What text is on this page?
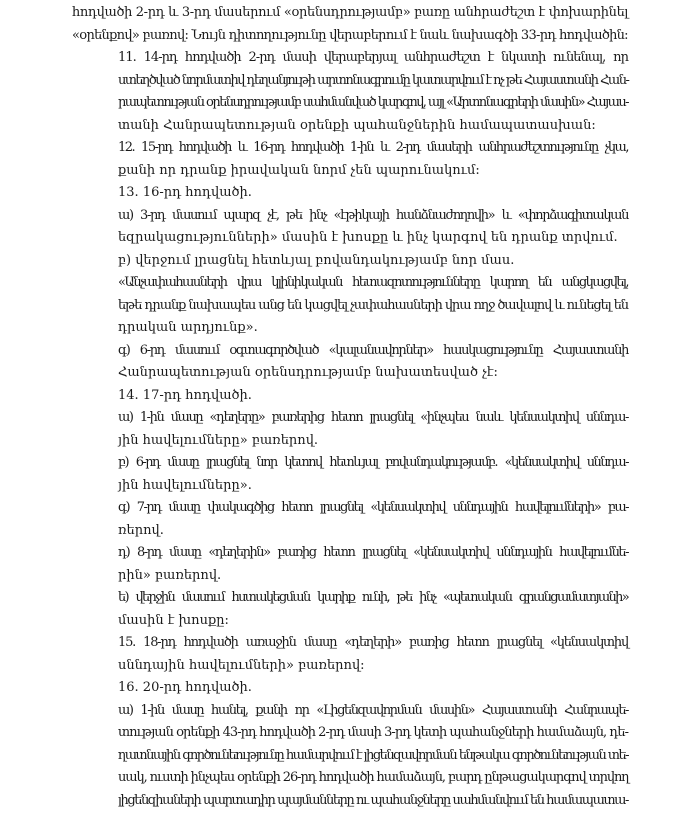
հոդվածի 2-րդ և 3-րդ մասերում «օրենսդրությամբ» բառը անհրաժեշտ է փոխարինել
«օրենքով» բառով: Նույն դիտողությունը վերաբերում է նաև նախագծի 33-րդ հոդվածին:
11. 14-րդ հոդվածի 2-րդ մասի վերաբերյալ անհրաժեշտ է նկատի ունենալ, որ
ստեղծված նորմատիվ դեղանյութի արտոնագրումը կատարվում է ոչ թե Հայաստանի Հան-
րապետության օրենսդրությամբ սահմանված կարգով, այլ «Արտոնագրերի մասին» Հայաս-
տանի Հանրապետության օրենքի պահանջներին համապատասխան:
12. 15-րդ հոդվածի և 16-րդ հոդվածի 1-ին և 2-րդ մասերի անհրաժեշտությունը չկա,
քանի որ դրանք իրավական նորմ չեն պարունակում:
13. 16-րդ հոդվածի.
ա) 3-րդ մասում պարզ չէ, թե ինչ «էթիկայի հանձնաժողովի» և «փորձագիտական
եզրակացությունների» մասին է խոսքը և ինչ կարգով են դրանք տրվում.
բ) վերջում լրացնել հետևյալ բովանդակությամբ նոր մաս.
«Անչափահասների վրա կլինիկական հետազոտությունները կարող են անցկացվել,
եթե դրանք նախապես անց են կացվել չափահասների վրա ողջ ծավալով և ունեցել են
դրական արդյունք».
գ) 6-րդ մասում օգտագործված «կալանավորներ» հասկացությունը Հայաստանի
Հանրապետության օրենսդրությամբ նախատեսված չէ:
14. 17-րդ հոդվածի.
ա) 1-ին մասը «դեղերը» բառերից հետո լրացնել «ինչպես նաև կենսակտիվ սննդա-
յին հավելումները» բառերով.
բ) 6-րդ մասը լրացնել նոր կետով հետևյալ բովանդակությամբ. «կենսակտիվ սննդա-
յին հավելումները».
գ) 7-րդ մասը փակագծից հետո լրացնել «կենսակտիվ սննդային հավելումների» բա-
ռերով.
դ) 8-րդ մասը «դեղերին» բառից հետո լրացնել «կենսակտիվ սննդային հավելումնե-
րին» բառերով.
ե) վերջին մասում հստակեցման կարիք ունի, թե ինչ «պետական գրանցամատյանի»
մասին է խոսքը:
15. 18-րդ հոդվածի առաջին մասը «դեղերի» բառից հետո լրացնել «կենսակտիվ
սննդային հավելումների» բառերով:
16. 20-րդ հոդվածի.
ա) 1-ին մասը հանել, քանի որ «Լիցենզավորման մասին» Հայաստանի Հանրապե-
տության օրենքի 43-րդ հոդվածի 2-րդ մասի 3-րդ կետի պահանջների համաձայն, դե-
ղատնային գործունեությունը համարվում է լիցենզավորման ենթակա գործունեության տե-
սակ, ուստի ինչպես օրենքի 26-րդ հոդվածի համաձայն, բարդ ընթացակարգով տրվող
լիցենզիաների պարտադիր պայմանները ու պահանջները սահմանվում են համապատա-
